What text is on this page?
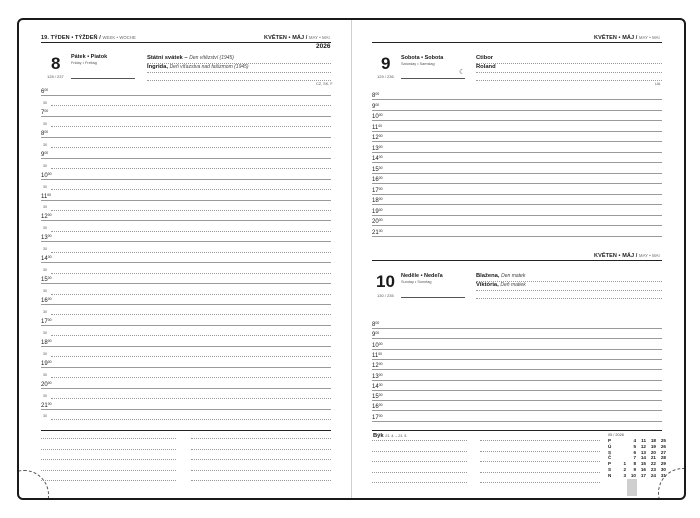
19. TÝDEN • TÝŽDEŇ / WEEK • WOCHE	KVĚTEN • MÁJ / MAY • MAI
2026
8 Pátek • Piatok
Friday • Freitag
128 / 237
Státní svátek – Den vítězství (1945)
Ingrida, Deň víťazstva nad fašizmom (1945)
CZ, SK, F
$6^{00}$
30
$7^{00}$
30
$8^{00}$
30
$9^{00}$
30
$10^{00}$
30
$11^{00}$
30
$12^{00}$
30
$13^{00}$
30
$14^{00}$
30
$15^{00}$
30
$16^{00}$
30
$17^{00}$
30
$18^{00}$
30
$19^{00}$
30
$20^{00}$
30
$21^{00}$
30
KVĚTEN • MÁJ / MAY • MAI
9 Sobota • Sobota
Saturday • Samstag
129 / 236
☾
Ctibor
Roland
UA
$8^{00}$
$9^{00}$
$10^{00}$
$11^{00}$
$12^{00}$
$13^{00}$
$14^{00}$
$15^{00}$
$16^{00}$
$17^{00}$
$18^{00}$
$19^{00}$
$20^{00}$
$21^{00}$
KVĚTEN • MÁJ / MAY • MAI
10 Neděle • Nedeľa
Sunday • Sonntag
130 / 235
Blažena, Den matek
Viktória, Deň matiek
$8^{00}$
$9^{00}$
$10^{00}$
$11^{00}$
$12^{00}$
$13^{00}$
$14^{00}$
$15^{00}$
$16^{00}$
$17^{00}$
Býk 21. 4. – 21. 5.	05 / 2026
P	4	11	18	25
Ú	5	12	19	26
S	6	13	20	27
Č	7	14	21	28
P	1	8	15	22	29
S	2	9	16	23	30
N	3	10	17	24	31
